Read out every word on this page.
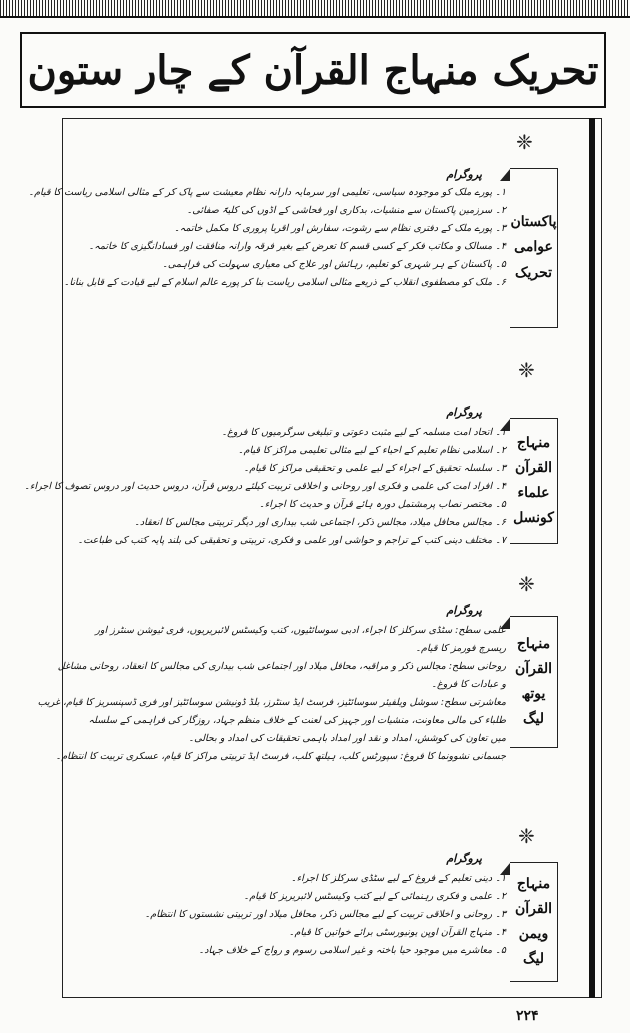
تحریک منہاج القرآن کے چار ستون
❈
❈
❈
❈
پاکستان
عوامی
تحریک
پروگرام
۱۔ پورے ملک کو موجودہ سیاسی، تعلیمی اور سرمایہ دارانہ نظام معیشت سے پاک کر کے مثالی اسلامی ریاست کا قیام۔
۲۔ سرزمین پاکستان سے منشیات، بدکاری اور فحاشی کے اڈوں کی کلیۃً صفائی۔
۳۔ پورے ملک کے دفتری نظام سے رشوت، سفارش اور اقربا پروری کا مکمل خاتمہ۔
۴۔ مسالک و مکاتب فکر کے کسی قسم کا تعرض کیے بغیر فرقہ وارانہ منافقت اور فسادانگیزی کا خاتمہ۔
۵۔ پاکستان کے ہر شہری کو تعلیم، رہائش اور علاج کی معیاری سہولت کی فراہمی۔
۶۔ ملک کو مصطفوی انقلاب کے ذریعے مثالی اسلامی ریاست بنا کر پورے عالم اسلام کے لیے قیادت کے قابل بنانا۔
منہاج
القرآن
علماء
کونسل
پروگرام
۱۔ اتحاد امت مسلمہ کے لیے مثبت دعوتی و تبلیغی سرگرمیوں کا فروغ۔
۲۔ اسلامی نظام تعلیم کے احیاء کے لیے مثالی تعلیمی مراکز کا قیام۔
۳۔ سلسلہ تحقیق کے اجراء کے لیے علمی و تحقیقی مراکز کا قیام۔
۴۔ افراد امت کی علمی و فکری اور روحانی و اخلاقی تربیت کیلئے دروس قرآن، دروس حدیث اور دروس تصوف کا اجراء۔
۵۔ مختصر نصاب پرمشتمل دورہ ہائے قرآن و حدیث کا اجراء۔
۶۔ مجالس محافل میلاد، مجالس ذکر، اجتماعی شب بیداری اور دیگر تربیتی مجالس کا انعقاد۔
۷۔ مختلف دینی کتب کے تراجم و حواشی اور علمی و فکری، تربیتی و تحقیقی کی بلند پایہ کتب کی طباعت۔
منہاج
القرآن
یوتھ
لیگ
پروگرام
علمی سطح: سٹڈی سرکلز کا اجراء، ادبی سوسائٹیوں، کتب وکیسٹس لائبریریوں، فری ٹیوشن سنٹرز اور
ریسرچ فورمز کا قیام۔
روحانی سطح: مجالس ذکر و مراقبہ، محافل میلاد اور اجتماعی شب بیداری کی مجالس کا انعقاد، روحانی مشاغل
و عبادات کا فروغ۔
معاشرتی سطح: سوشل ویلفیئر سوسائٹیز، فرسٹ ایڈ سنٹرز، بلڈ ڈونیشن سوسائٹیز اور فری ڈسپنسریز کا قیام، غریب
طلباء کی مالی معاونت، منشیات اور جہیز کی لعنت کے خلاف منظم جہاد، روزگار کی فراہمی کے سلسلہ
میں تعاون کی کوشش، امداد و نقد اور امداد باہمی تحقیقات کی امداد و بحالی۔
جسمانی نشوونما کا فروغ: سپورٹس کلب، ہیلتھ کلب، فرسٹ ایڈ تربیتی مراکز کا قیام، عسکری تربیت کا انتظام۔
منہاج
القرآن
ویمن
لیگ
پروگرام
۱۔ دینی تعلیم کے فروغ کے لیے سٹڈی سرکلز کا اجراء۔
۲۔ علمی و فکری رہنمائی کے لیے کتب وکیسٹس لائبریریز کا قیام۔
۳۔ روحانی و اخلاقی تربیت کے لیے مجالس ذکر، محافل میلاد اور تربیتی نشستوں کا انتظام۔
۴۔ منہاج القرآن اوپن یونیورسٹی برائے خواتین کا قیام۔
۵۔ معاشرے میں موجود حیا باختہ و غیر اسلامی رسوم و رواج کے خلاف جہاد۔
۲۲۴
